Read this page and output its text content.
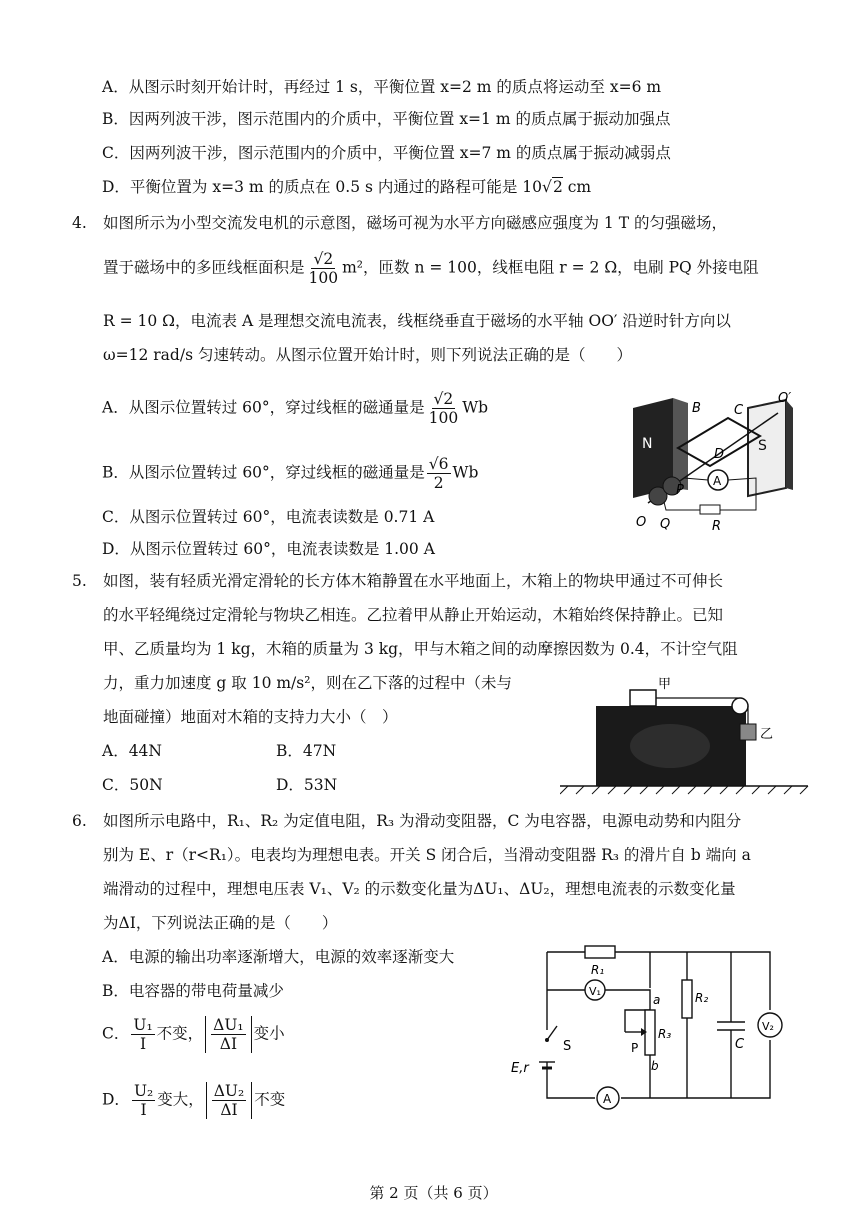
A．从图示时刻开始计时，再经过 1 s，平衡位置 x=2 m 的质点将运动至 x=6 m
B．因两列波干涉，图示范围内的介质中，平衡位置 x=1 m 的质点属于振动加强点
C．因两列波干涉，图示范围内的介质中，平衡位置 x=7 m 的质点属于振动减弱点
D．平衡位置为 x=3 m 的质点在 0.5 s 内通过的路程可能是 10√2 cm
4. 如图所示为小型交流发电机的示意图，磁场可视为水平方向磁感应强度为 1 T 的匀强磁场，
置于磁场中的多匝线框面积是 $\frac{√2}{100} m^2$，匝数 n = 100，线框电阻 r = 2 Ω，电刷 PQ 外接电阻
R = 10 Ω，电流表 A 是理想交流电流表，线框绕垂直于磁场的水平轴 OO′ 沿逆时针方向以
ω=12 rad/s 匀速转动。从图示位置开始计时，则下列说法正确的是（　　）
A．从图示位置转过 60°，穿过线框的磁通量是 $\frac{√2}{100}$ Wb
B．从图示位置转过 60°，穿过线框的磁通量是 $\frac{√6}{2}$ Wb
C．从图示位置转过 60°，电流表读数是 0.71 A
D．从图示位置转过 60°，电流表读数是 1.00 A
N	S
A
O′
B	C
D
P
O Q	R
5. 如图，装有轻质光滑定滑轮的长方体木箱静置在水平地面上，木箱上的物块甲通过不可伸长
的水平轻绳绕过定滑轮与物块乙相连。乙拉着甲从静止开始运动，木箱始终保持静止。已知
甲、乙质量均为 1 kg，木箱的质量为 3 kg，甲与木箱之间的动摩擦因数为 0.4，不计空气阻
力，重力加速度 g 取 10 m/s²，则在乙下落的过程中（未与
地面碰撞）地面对木箱的支持力大小（　）
A．44N	B．47N
C．50N	D．53N
甲
乙
6. 如图所示电路中，R₁、R₂ 为定值电阻，R₃ 为滑动变阻器，C 为电容器，电源电动势和内阻分
别为 E、r（r<R₁）。电表均为理想电表。开关 S 闭合后，当滑动变阻器 R₃ 的滑片自 b 端向 a
端滑动的过程中，理想电压表 V₁、V₂ 的示数变化量为ΔU₁、ΔU₂，理想电流表的示数变化量
为ΔI，下列说法正确的是（　　）
A．电源的输出功率逐渐增大，电源的效率逐渐变大
B．电容器的带电荷量减少
C． $\frac{\text{U₁}}{I}$ 不变， $\frac{\text{ΔU₁}}{\Delta I}$ 变小
D． $\frac{\text{U₂}}{I}$ 变大， $\frac{\text{ΔU₂}}{\Delta I}$ 不变
R₁
V₁
a	R₂
R₃
P
b
C
V₂
S
E,r
A
第 2 页（共 6 页）
